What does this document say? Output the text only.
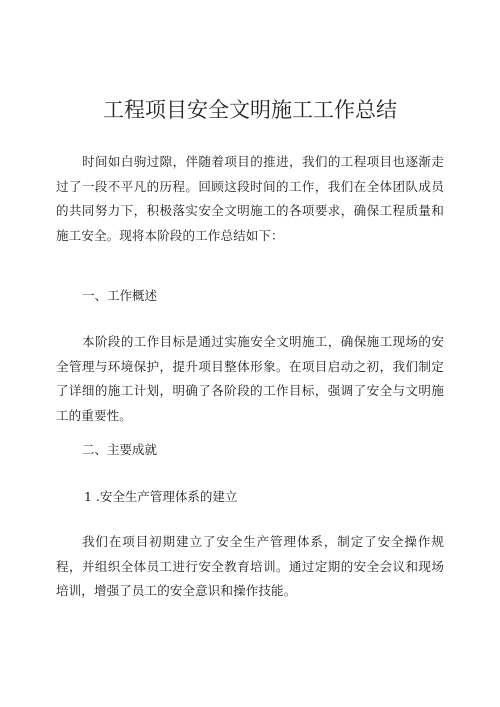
工程项目安全文明施工工作总结

时间如白驹过隙，伴随着项目的推进，我们的工程项目也逐渐走过了一段不平凡的历程。回顾这段时间的工作，我们在全体团队成员的共同努力下，积极落实安全文明施工的各项要求，确保工程质量和施工安全。现将本阶段的工作总结如下：

一、工作概述

本阶段的工作目标是通过实施安全文明施工，确保施工现场的安全管理与环境保护，提升项目整体形象。在项目启动之初，我们制定了详细的施工计划，明确了各阶段的工作目标，强调了安全与文明施工的重要性。

二、主要成就

1 .安全生产管理体系的建立

我们在项目初期建立了安全生产管理体系，制定了安全操作规程，并组织全体员工进行安全教育培训。通过定期的安全会议和现场培训，增强了员工的安全意识和操作技能。
